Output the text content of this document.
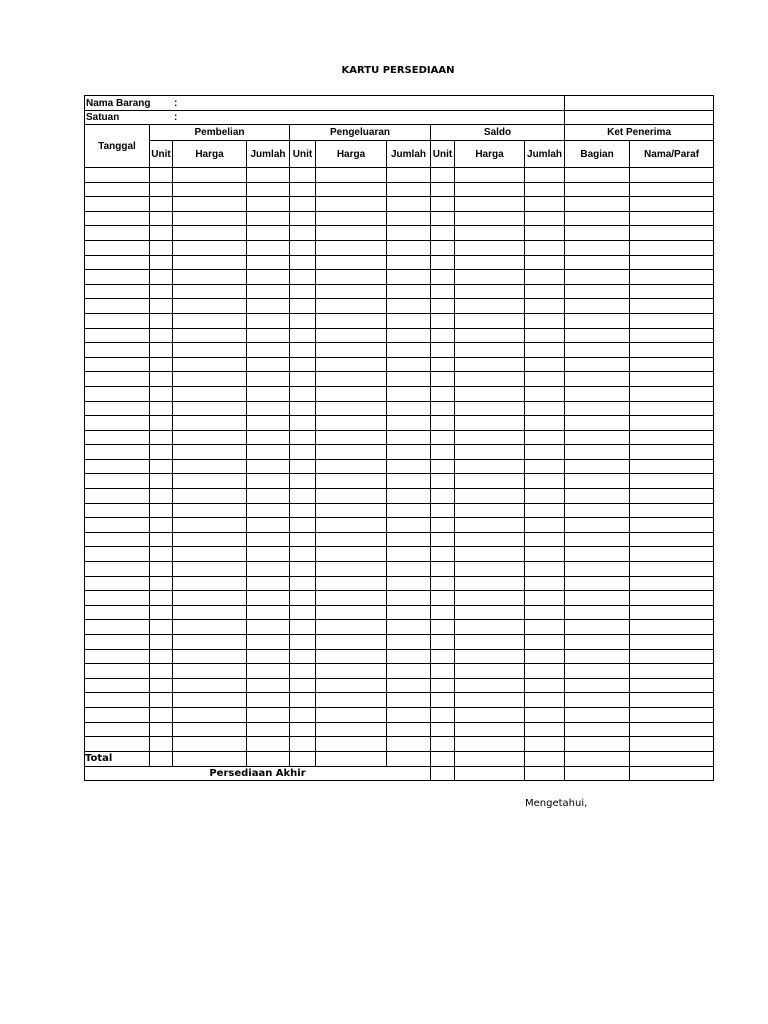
KARTU PERSEDIAAN
Nama Barang :											
Satuan :											
Tanggal	Pembelian			Pengeluaran			Saldo			Ket Penerima	
	Unit	Harga	Jumlah	Unit	Harga	Jumlah	Unit	Harga	Jumlah	Bagian	Nama/Paraf

Total											
Persediaan Akhir											
Mengetahui,
